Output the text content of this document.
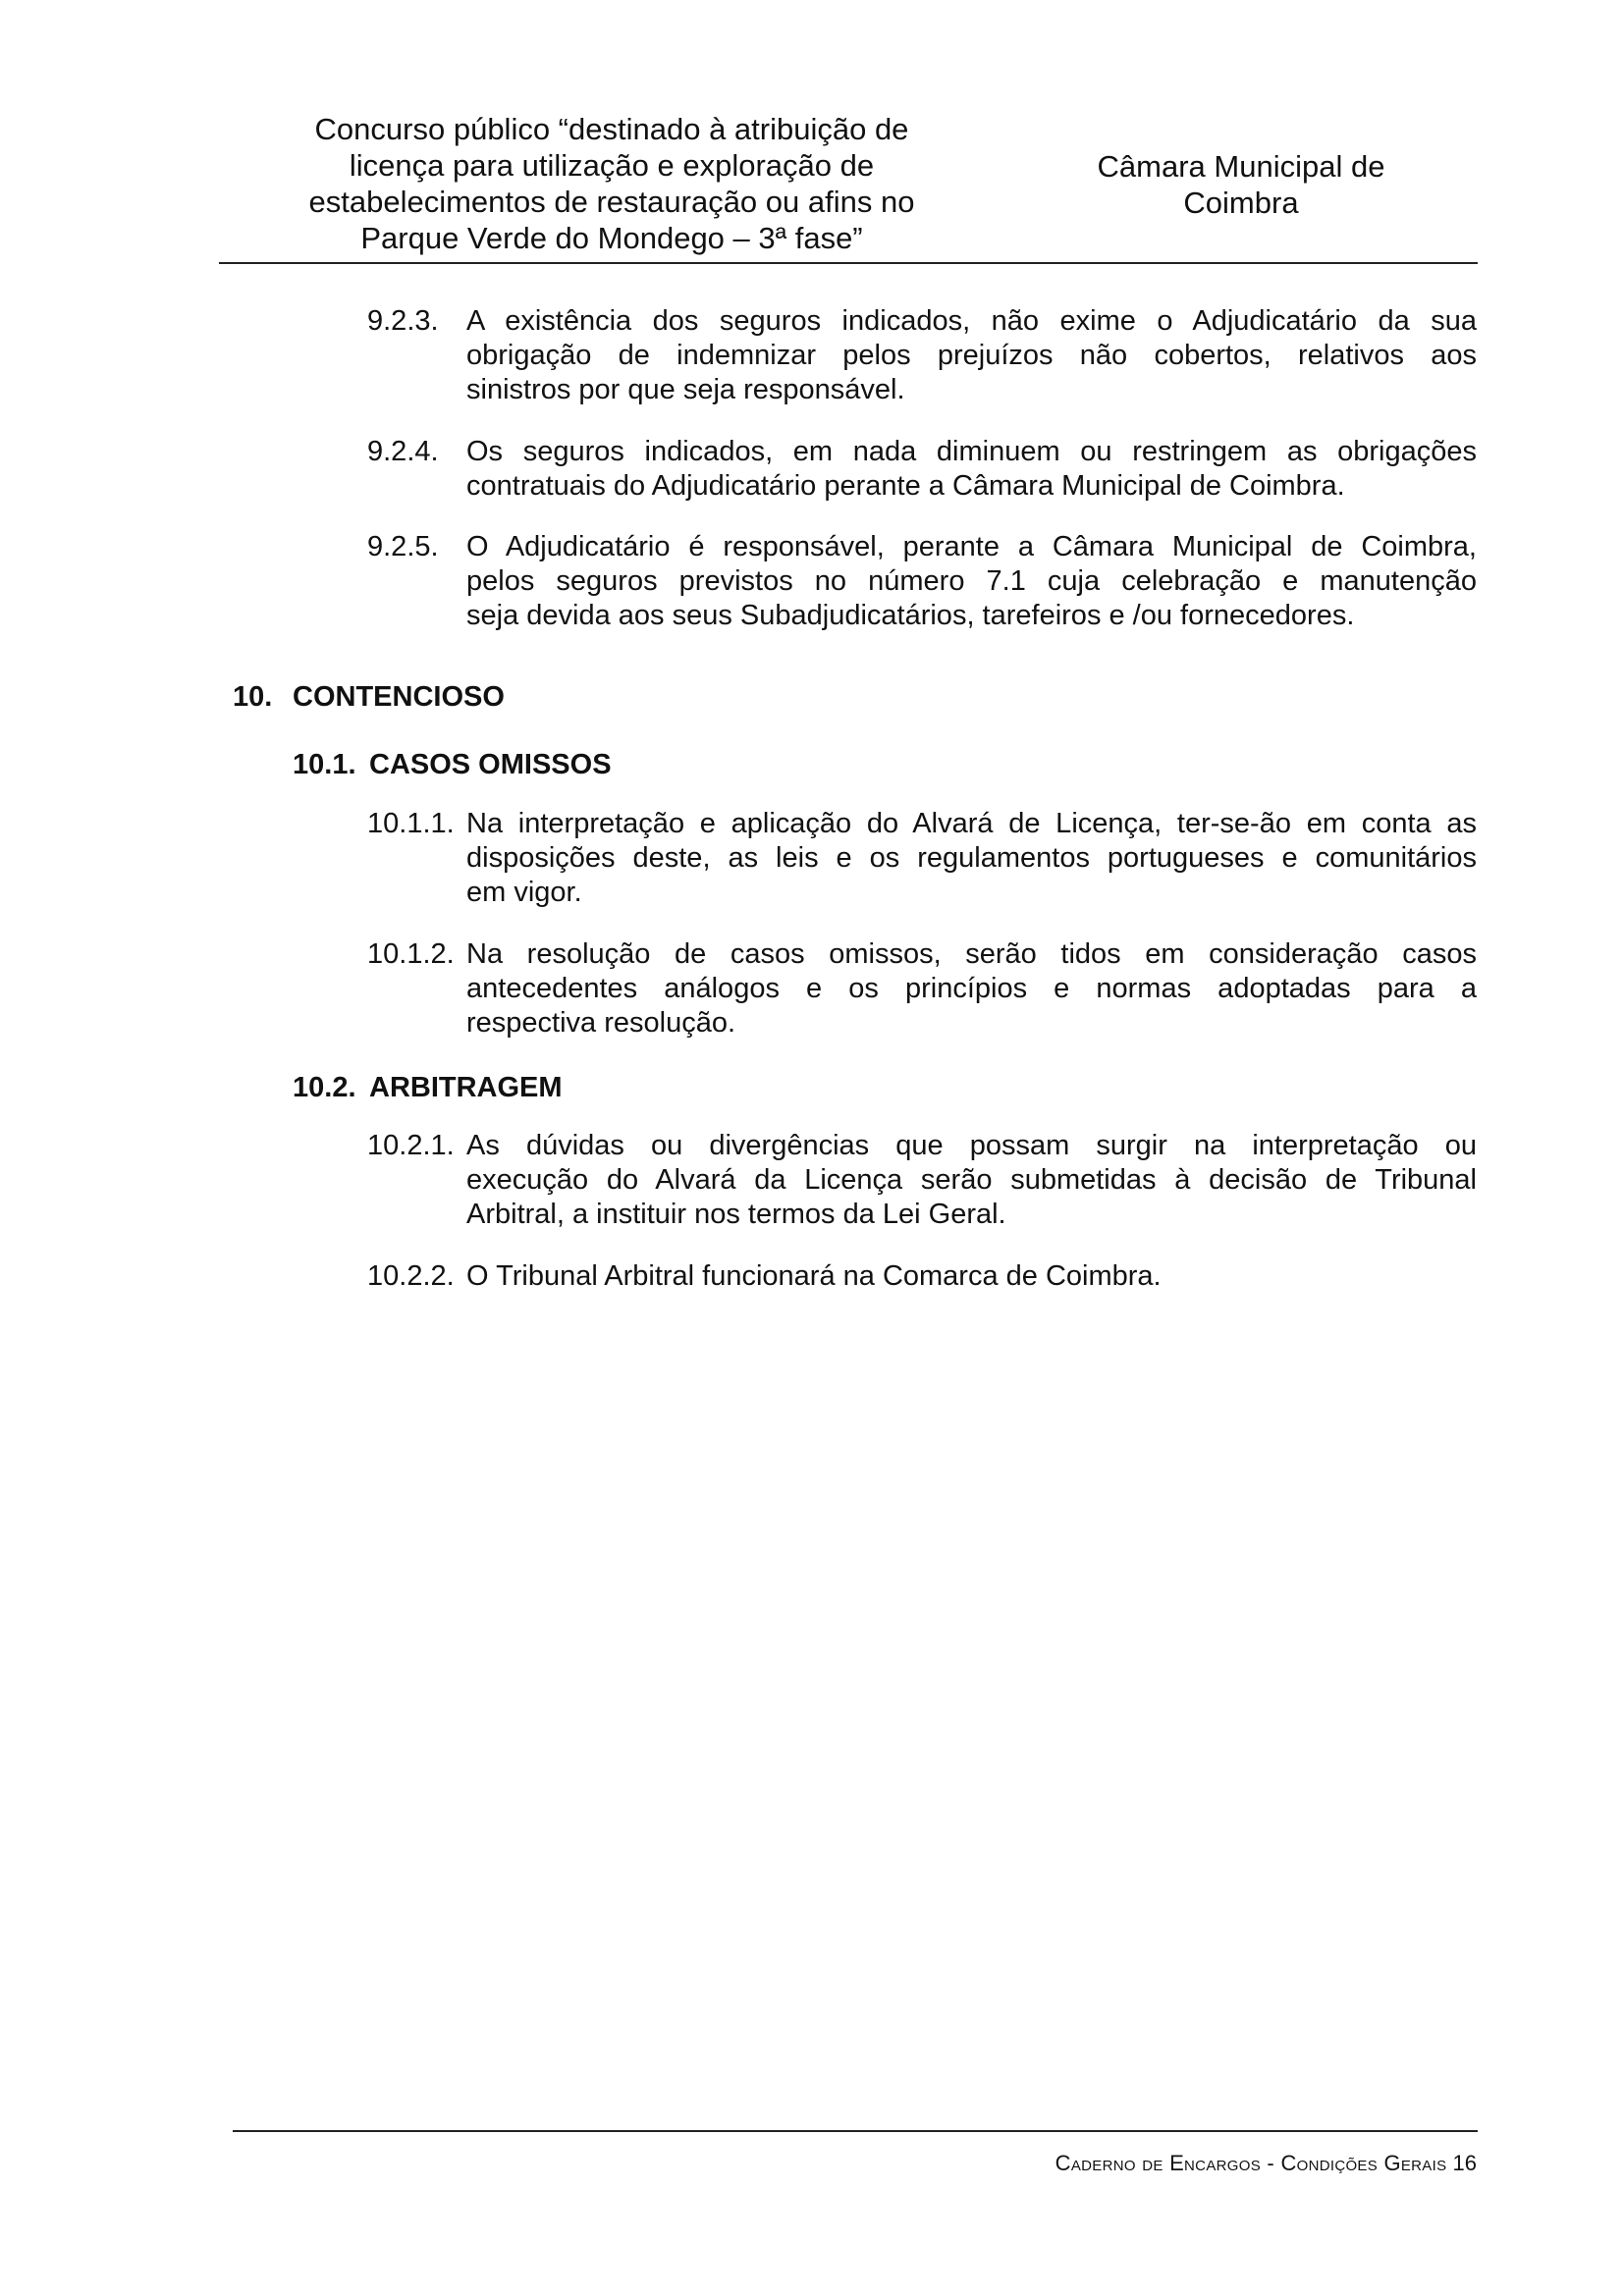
Concurso público “destinado à atribuição de
licença para utilização e exploração de
estabelecimentos de restauração ou afins no
Parque Verde do Mondego – 3ª fase”
Câmara Municipal de
Coimbra
9.2.3. A existência dos seguros indicados, não exime o Adjudicatário da sua
obrigação de indemnizar pelos prejuízos não cobertos, relativos aos
sinistros por que seja responsável.
9.2.4. Os seguros indicados, em nada diminuem ou restringem as obrigações
contratuais do Adjudicatário perante a Câmara Municipal de Coimbra.
9.2.5. O Adjudicatário é responsável, perante a Câmara Municipal de Coimbra,
pelos seguros previstos no número 7.1 cuja celebração e manutenção
seja devida aos seus Subadjudicatários, tarefeiros e /ou fornecedores.
10. CONTENCIOSO
10.1. CASOS OMISSOS
10.1.1. Na interpretação e aplicação do Alvará de Licença, ter-se-ão em conta as
disposições deste, as leis e os regulamentos portugueses e comunitários
em vigor.
10.1.2. Na resolução de casos omissos, serão tidos em consideração casos
antecedentes análogos e os princípios e normas adoptadas para a
respectiva resolução.
10.2. ARBITRAGEM
10.2.1. As dúvidas ou divergências que possam surgir na interpretação ou
execução do Alvará da Licença serão submetidas à decisão de Tribunal
Arbitral, a instituir nos termos da Lei Geral.
10.2.2. O Tribunal Arbitral funcionará na Comarca de Coimbra.
Caderno de Encargos - Condições Gerais 16
